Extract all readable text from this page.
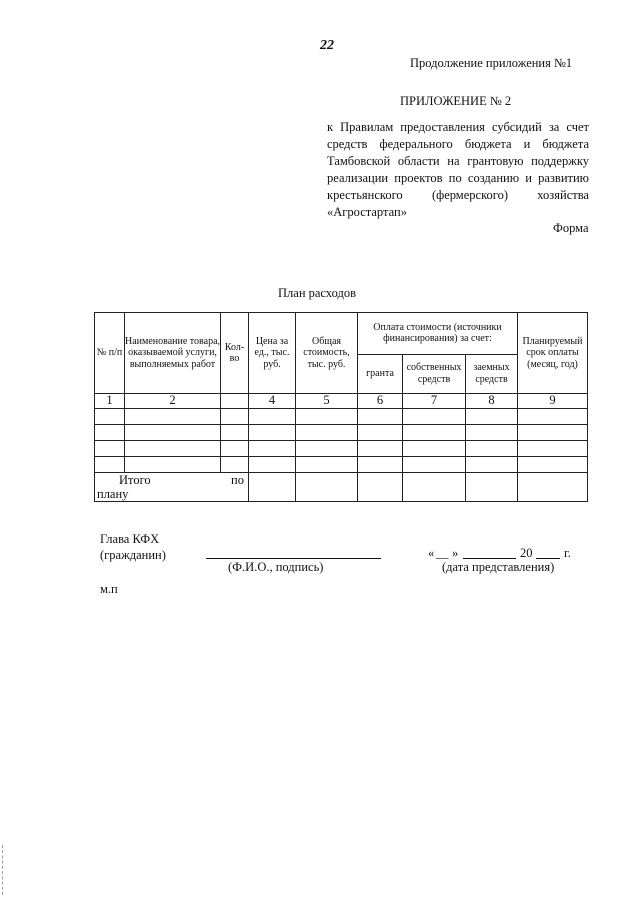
22
Продолжение приложения №1
ПРИЛОЖЕНИЕ № 2
к Правилам предоставления субсидий за счет
средств федерального бюджета и бюджета
Тамбовской области на грантовую поддержку
реализации проектов по созданию и развитию
крестьянского (фермерского) хозяйства
«Агростартап»
Форма
План расходов
№ п/п	Наименование товара, оказываемой услуги, выполняемых работ	Кол-во	Цена за ед., тыс. руб.	Общая стоимость, тыс. руб.	Оплата стоимости (источники финансирования) за счет:			Планируемый срок оплаты (месяц, год)
					гранта	собственных средств	заемных средств	
1	2		4	5	6	7	8	9

Итого по
плану								

Глава КФХ
(гражданин)
(Ф.И.О., подпись)
« __ »	20	г.
(дата представления)
м.п
